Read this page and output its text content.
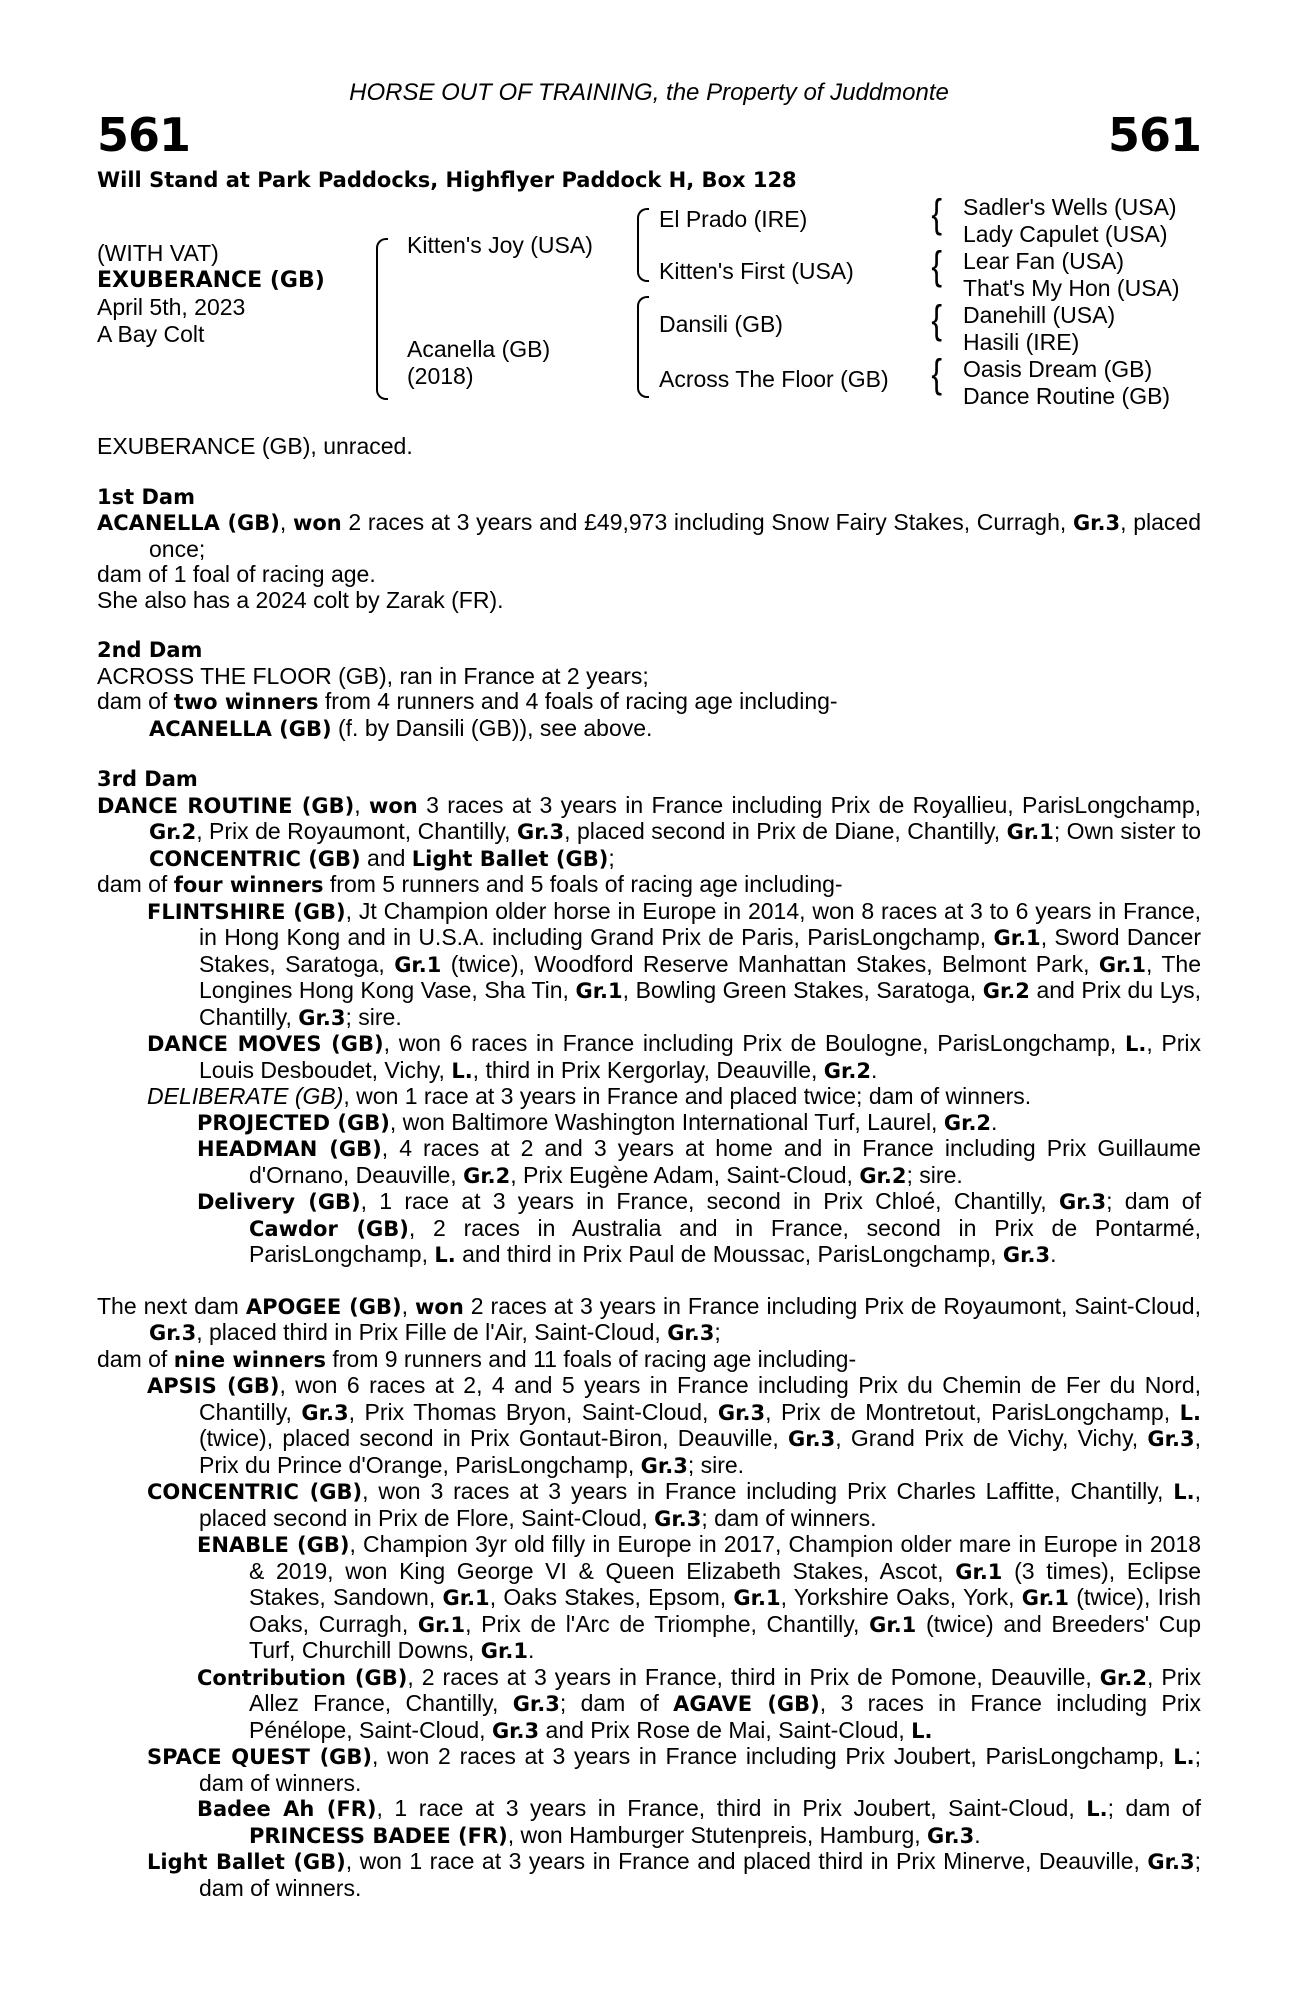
HORSE OUT OF TRAINING, the Property of Juddmonte
561	561
Will Stand at Park Paddocks, Highflyer Paddock H, Box 128
(WITH VAT)
EXUBERANCE (GB)
April 5th, 2023
A Bay Colt
Kitten's Joy (USA)
Acanella (GB)
(2018)
El Prado (IRE)
Kitten's First (USA)
Dansili (GB)
Across The Floor (GB)
{
{
{
{
Sadler's Wells (USA)
Lady Capulet (USA)
Lear Fan (USA)
That's My Hon (USA)
Danehill (USA)
Hasili (IRE)
Oasis Dream (GB)
Dance Routine (GB)

EXUBERANCE (GB), unraced.

1st Dam

ACANELLA (GB), won 2 races at 3 years and £49,973 including Snow Fairy Stakes, Curragh, Gr.3, placed once;

dam of 1 foal of racing age.

She also has a 2024 colt by Zarak (FR).

2nd Dam

ACROSS THE FLOOR (GB), ran in France at 2 years;

dam of two winners from 4 runners and 4 foals of racing age including-

ACANELLA (GB) (f. by Dansili (GB)), see above.

3rd Dam

DANCE ROUTINE (GB), won 3 races at 3 years in France including Prix de Royallieu, ParisLongchamp, Gr.2, Prix de Royaumont, Chantilly, Gr.3, placed second in Prix de Diane, Chantilly, Gr.1; Own sister to CONCENTRIC (GB) and Light Ballet (GB);

dam of four winners from 5 runners and 5 foals of racing age including-

FLINTSHIRE (GB), Jt Champion older horse in Europe in 2014, won 8 races at 3 to 6 years in France, in Hong Kong and in U.S.A. including Grand Prix de Paris, ParisLongchamp, Gr.1, Sword Dancer Stakes, Saratoga, Gr.1 (twice), Woodford Reserve Manhattan Stakes, Belmont Park, Gr.1, The Longines Hong Kong Vase, Sha Tin, Gr.1, Bowling Green Stakes, Saratoga, Gr.2 and Prix du Lys, Chantilly, Gr.3; sire.

DANCE MOVES (GB), won 6 races in France including Prix de Boulogne, ParisLongchamp, L., Prix Louis Desboudet, Vichy, L., third in Prix Kergorlay, Deauville, Gr.2.

DELIBERATE (GB), won 1 race at 3 years in France and placed twice; dam of winners.

PROJECTED (GB), won Baltimore Washington International Turf, Laurel, Gr.2.

HEADMAN (GB), 4 races at 2 and 3 years at home and in France including Prix Guillaume d'Ornano, Deauville, Gr.2, Prix Eugène Adam, Saint-Cloud, Gr.2; sire.

Delivery (GB), 1 race at 3 years in France, second in Prix Chloé, Chantilly, Gr.3; dam of Cawdor (GB), 2 races in Australia and in France, second in Prix de Pontarmé, ParisLongchamp, L. and third in Prix Paul de Moussac, ParisLongchamp, Gr.3.

The next dam APOGEE (GB), won 2 races at 3 years in France including Prix de Royaumont, Saint-Cloud, Gr.3, placed third in Prix Fille de l'Air, Saint-Cloud, Gr.3;

dam of nine winners from 9 runners and 11 foals of racing age including-

APSIS (GB), won 6 races at 2, 4 and 5 years in France including Prix du Chemin de Fer du Nord, Chantilly, Gr.3, Prix Thomas Bryon, Saint-Cloud, Gr.3, Prix de Montretout, ParisLongchamp, L. (twice), placed second in Prix Gontaut-Biron, Deauville, Gr.3, Grand Prix de Vichy, Vichy, Gr.3, Prix du Prince d'Orange, ParisLongchamp, Gr.3; sire.

CONCENTRIC (GB), won 3 races at 3 years in France including Prix Charles Laffitte, Chantilly, L., placed second in Prix de Flore, Saint-Cloud, Gr.3; dam of winners.

ENABLE (GB), Champion 3yr old filly in Europe in 2017, Champion older mare in Europe in 2018 & 2019, won King George VI & Queen Elizabeth Stakes, Ascot, Gr.1 (3 times), Eclipse Stakes, Sandown, Gr.1, Oaks Stakes, Epsom, Gr.1, Yorkshire Oaks, York, Gr.1 (twice), Irish Oaks, Curragh, Gr.1, Prix de l'Arc de Triomphe, Chantilly, Gr.1 (twice) and Breeders' Cup Turf, Churchill Downs, Gr.1.

Contribution (GB), 2 races at 3 years in France, third in Prix de Pomone, Deauville, Gr.2, Prix Allez France, Chantilly, Gr.3; dam of AGAVE (GB), 3 races in France including Prix Pénélope, Saint-Cloud, Gr.3 and Prix Rose de Mai, Saint-Cloud, L.

SPACE QUEST (GB), won 2 races at 3 years in France including Prix Joubert, ParisLongchamp, L.; dam of winners.

Badee Ah (FR), 1 race at 3 years in France, third in Prix Joubert, Saint-Cloud, L.; dam of PRINCESS BADEE (FR), won Hamburger Stutenpreis, Hamburg, Gr.3.

Light Ballet (GB), won 1 race at 3 years in France and placed third in Prix Minerve, Deauville, Gr.3; dam of winners.
